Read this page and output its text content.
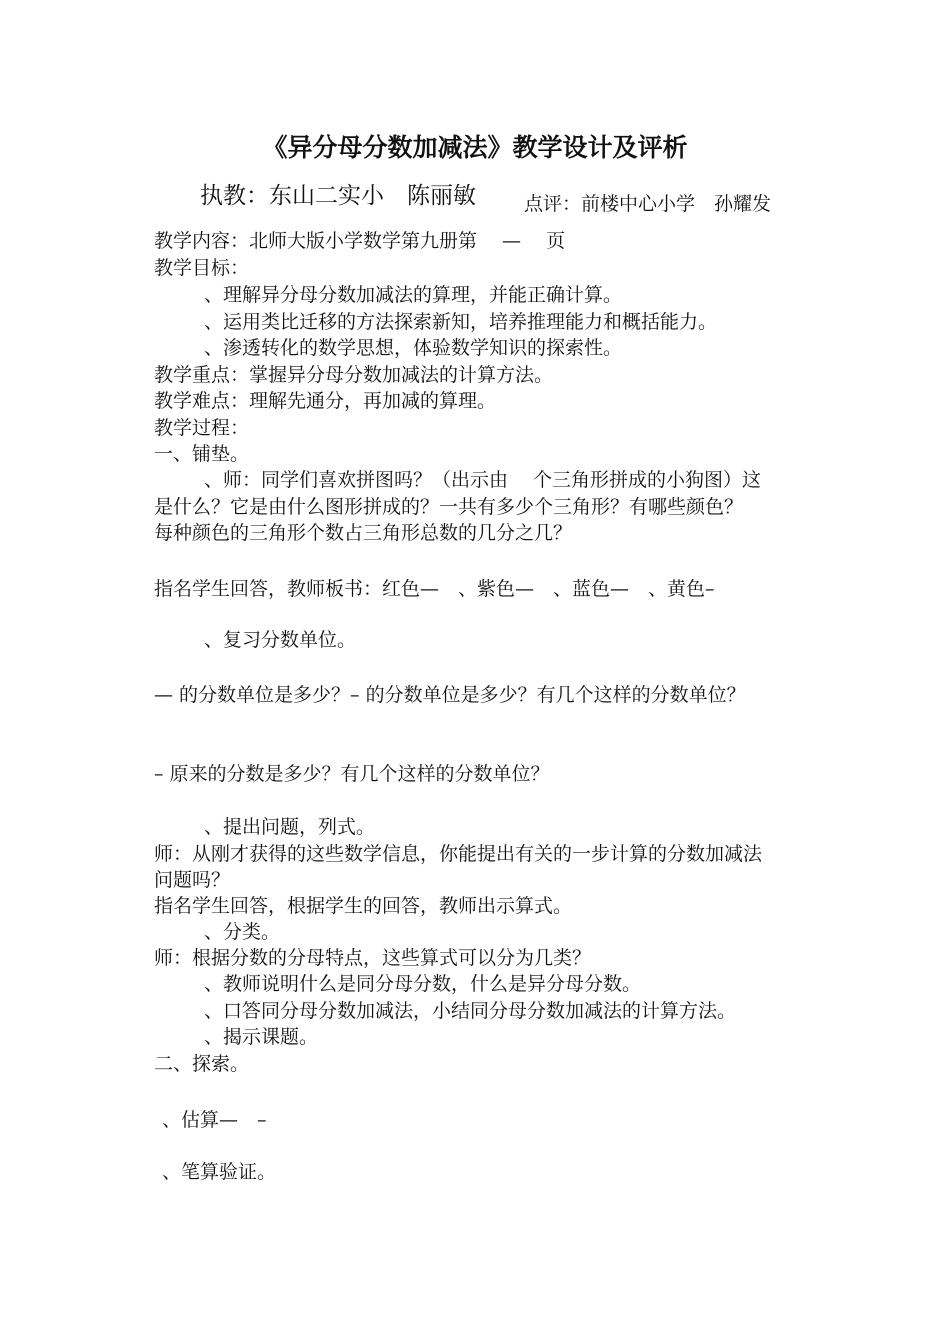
《异分母分数加减法》教学设计及评析

执教：东山二实小　陈丽敏	点评：前楼中心小学　孙耀发

教学内容：北师大版小学数学第九册第　 —　 页

教学目标：

、理解异分母分数加减法的算理，并能正确计算。

、运用类比迁移的方法探索新知，培养推理能力和概括能力。

、渗透转化的数学思想，体验数学知识的探索性。

教学重点：掌握异分母分数加减法的计算方法。

教学难点：理解先通分，再加减的算理。

教学过程：

一、铺垫。

、师：同学们喜欢拼图吗？（出示由　 个三角形拼成的小狗图）这

是什么？它是由什么图形拼成的？一共有多少个三角形？有哪些颜色？

每种颜色的三角形个数占三角形总数的几分之几？

指名学生回答，教师板书：红色—　、紫色—　、蓝色—　、黄色–

、复习分数单位。

— 的分数单位是多少？– 的分数单位是多少？有几个这样的分数单位？

– 原来的分数是多少？有几个这样的分数单位？

、提出问题，列式。

师：从刚才获得的这些数学信息，你能提出有关的一步计算的分数加减法

问题吗？

指名学生回答，根据学生的回答，教师出示算式。

、分类。

师：根据分数的分母特点，这些算式可以分为几类？

、教师说明什么是同分母分数，什么是异分母分数。

、口答同分母分数加减法，小结同分母分数加减法的计算方法。

、揭示课题。

二、探索。

、估算—　–

、笔算验证。
